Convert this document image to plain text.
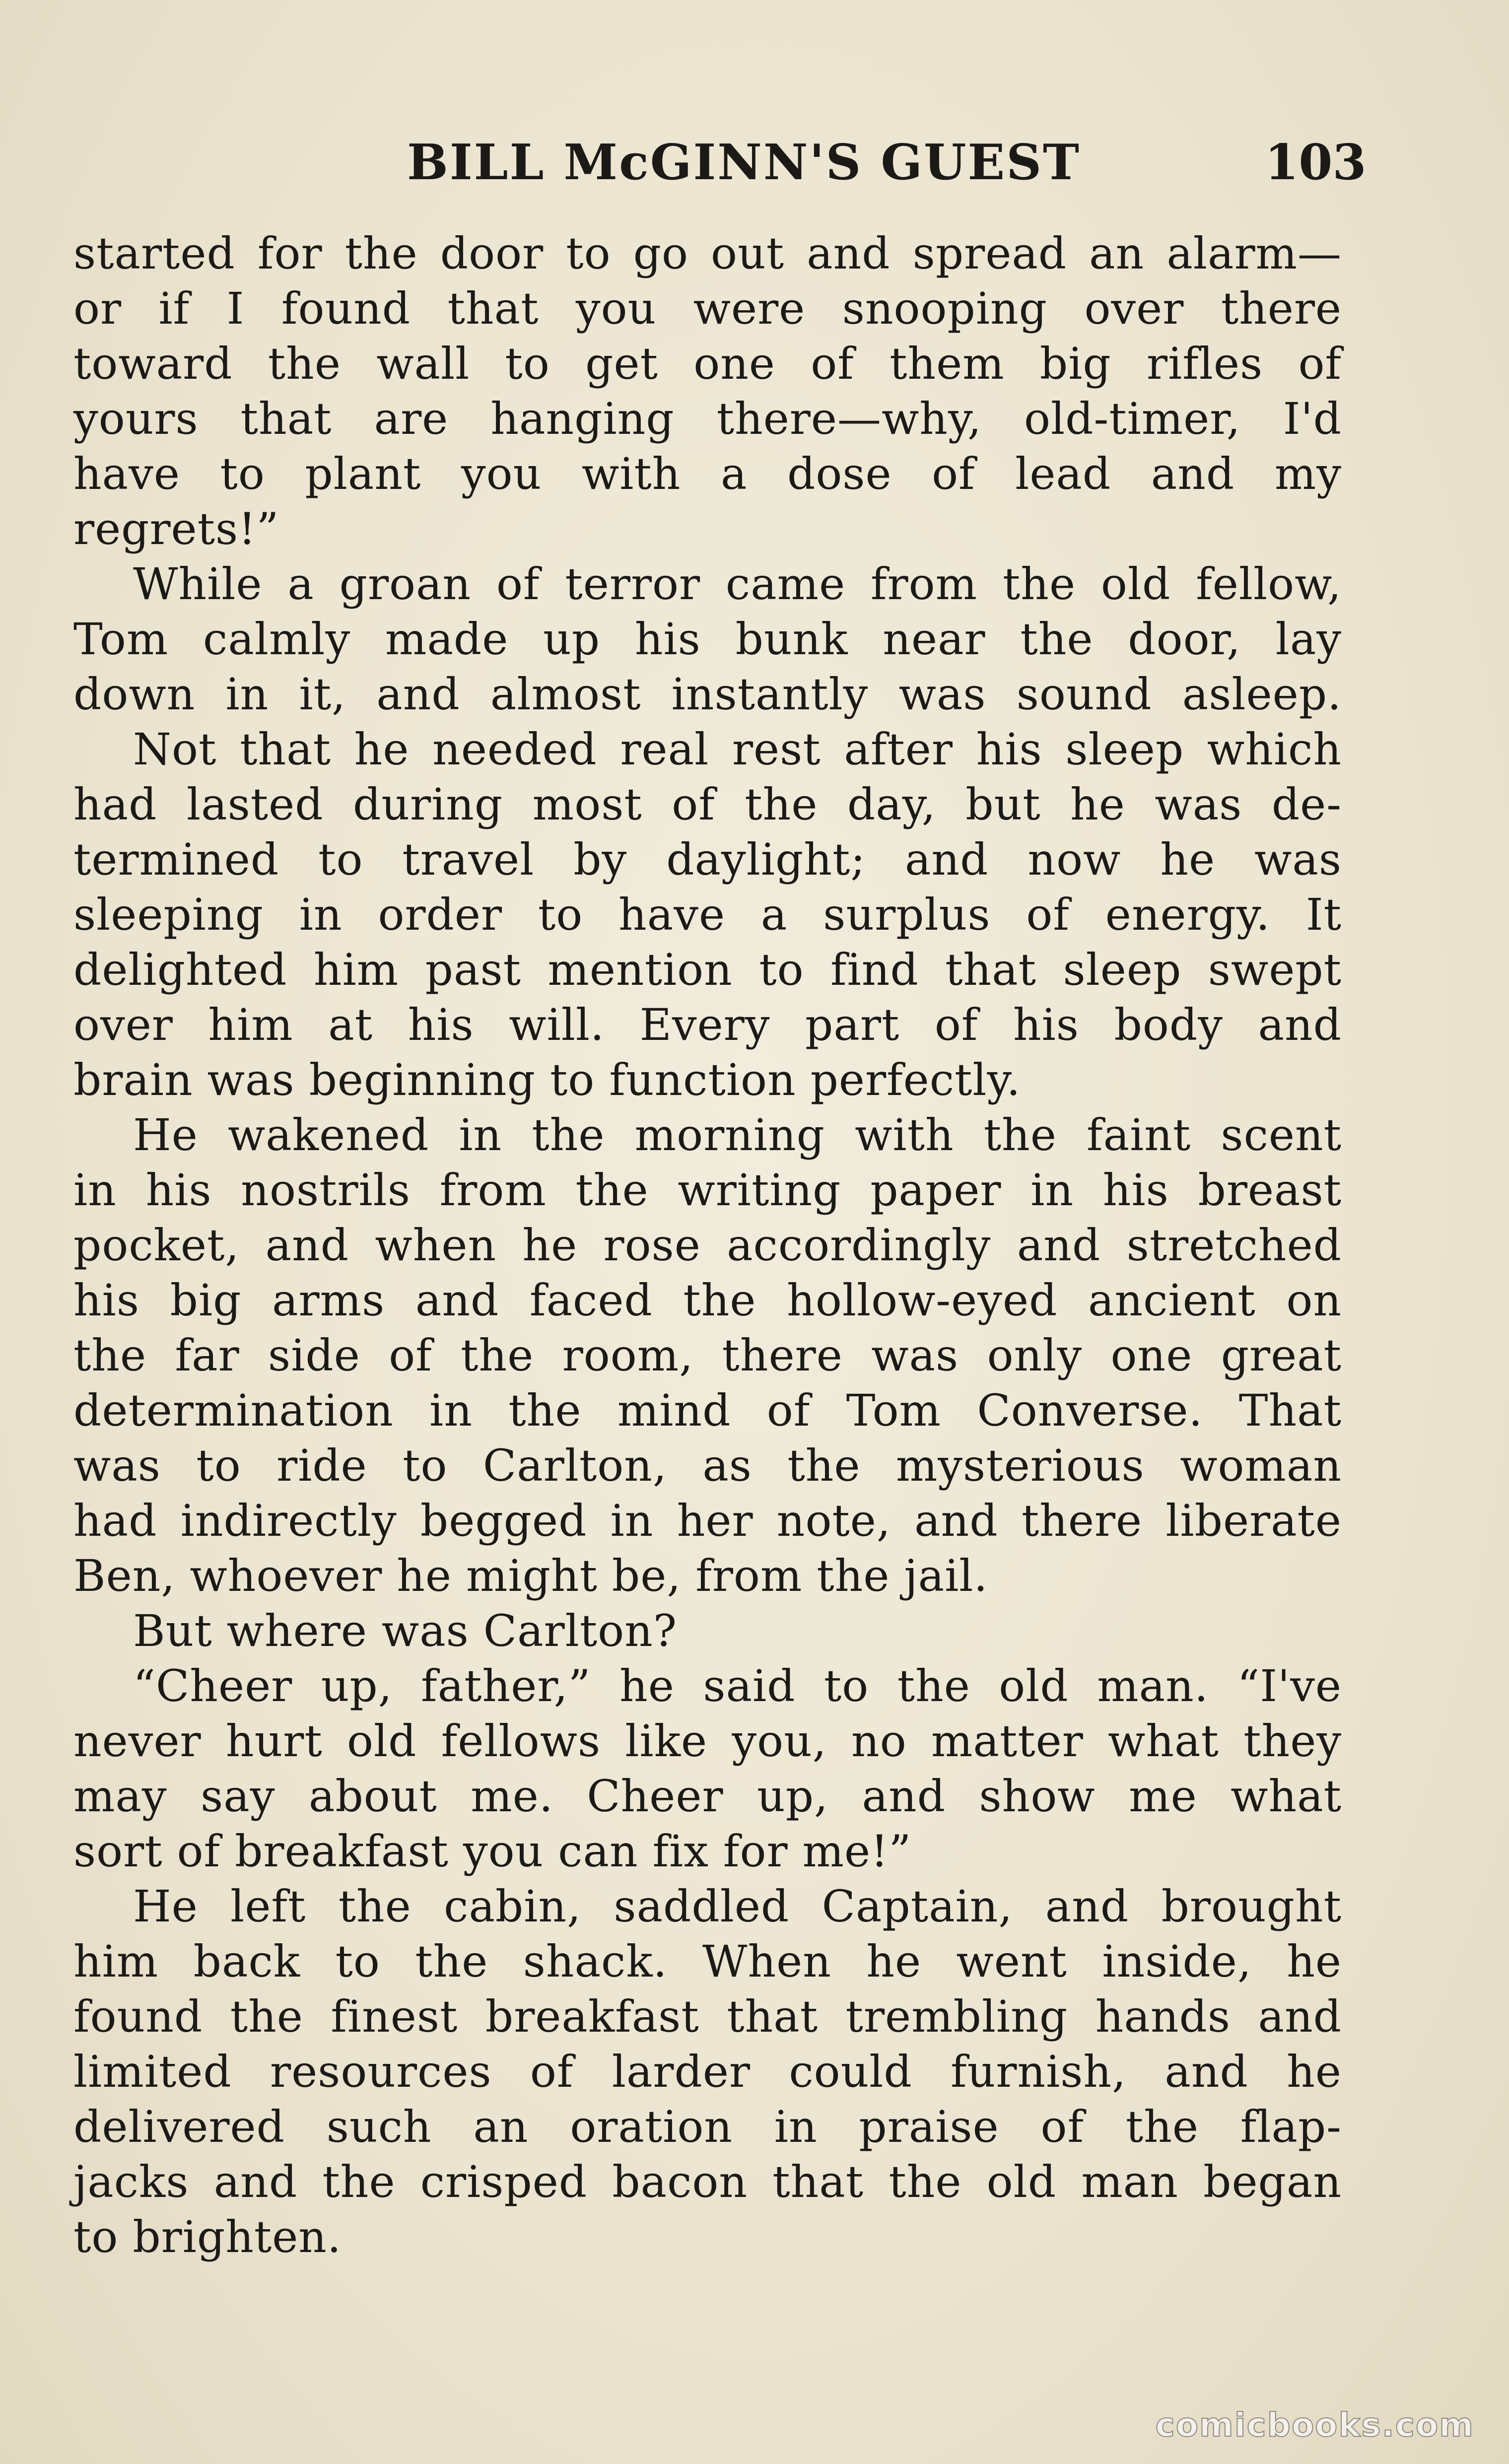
BILL McGINN'S GUEST	103
started for the door to go out and spread an alarm—
or if I found that you were snooping over there
toward the wall to get one of them big rifles of
yours that are hanging there—why, old-timer, I'd
have to plant you with a dose of lead and my
regrets!”
While a groan of terror came from the old fellow,
Tom calmly made up his bunk near the door, lay
down in it, and almost instantly was sound asleep.
Not that he needed real rest after his sleep which
had lasted during most of the day, but he was de-
termined to travel by daylight; and now he was
sleeping in order to have a surplus of energy. It
delighted him past mention to find that sleep swept
over him at his will. Every part of his body and
brain was beginning to function perfectly.
He wakened in the morning with the faint scent
in his nostrils from the writing paper in his breast
pocket, and when he rose accordingly and stretched
his big arms and faced the hollow-eyed ancient on
the far side of the room, there was only one great
determination in the mind of Tom Converse. That
was to ride to Carlton, as the mysterious woman
had indirectly begged in her note, and there liberate
Ben, whoever he might be, from the jail.
But where was Carlton?
“Cheer up, father,” he said to the old man. “I've
never hurt old fellows like you, no matter what they
may say about me. Cheer up, and show me what
sort of breakfast you can fix for me!”
He left the cabin, saddled Captain, and brought
him back to the shack. When he went inside, he
found the finest breakfast that trembling hands and
limited resources of larder could furnish, and he
delivered such an oration in praise of the flap-
jacks and the crisped bacon that the old man began
to brighten.
comicbooks.com
